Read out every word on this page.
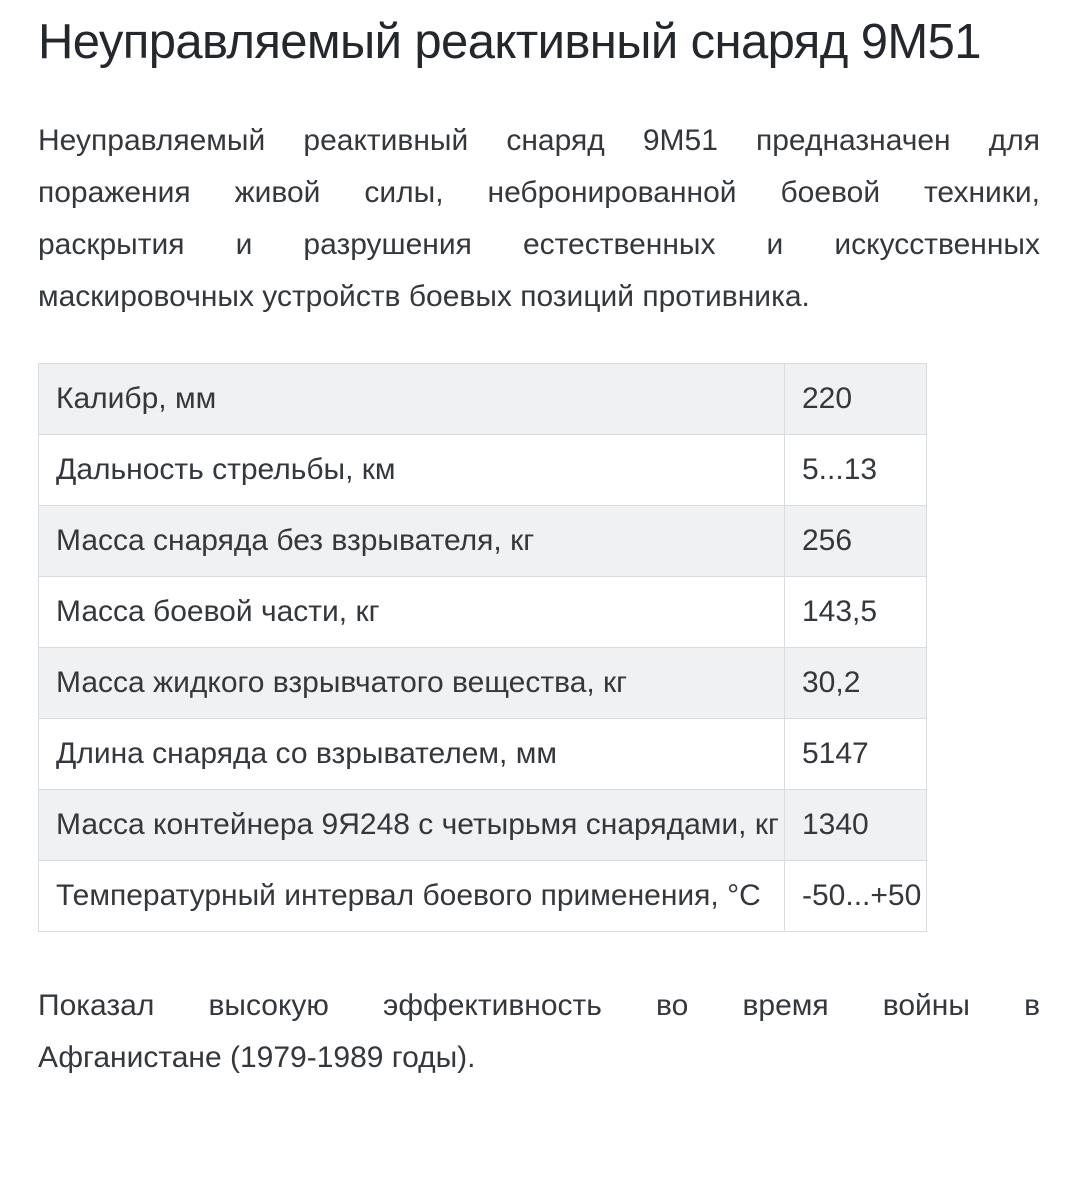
Неуправляемый реактивный снаряд 9М51
Неуправляемый реактивный снаряд 9М51 предназначен для
поражения живой силы, небронированной боевой техники,
раскрытия и разрушения естественных и искусственных
маскировочных устройств боевых позиций противника.
Калибр, мм	220
Дальность стрельбы, км	5...13
Масса снаряда без взрывателя, кг	256
Масса боевой части, кг	143,5
Масса жидкого взрывчатого вещества, кг	30,2
Длина снаряда со взрывателем, мм	5147
Масса контейнера 9Я248 с четырьмя снарядами, кг	1340
Температурный интервал боевого применения, °С	-50...+50
Показал высокую эффективность во время войны в
Афганистане (1979-1989 годы).
